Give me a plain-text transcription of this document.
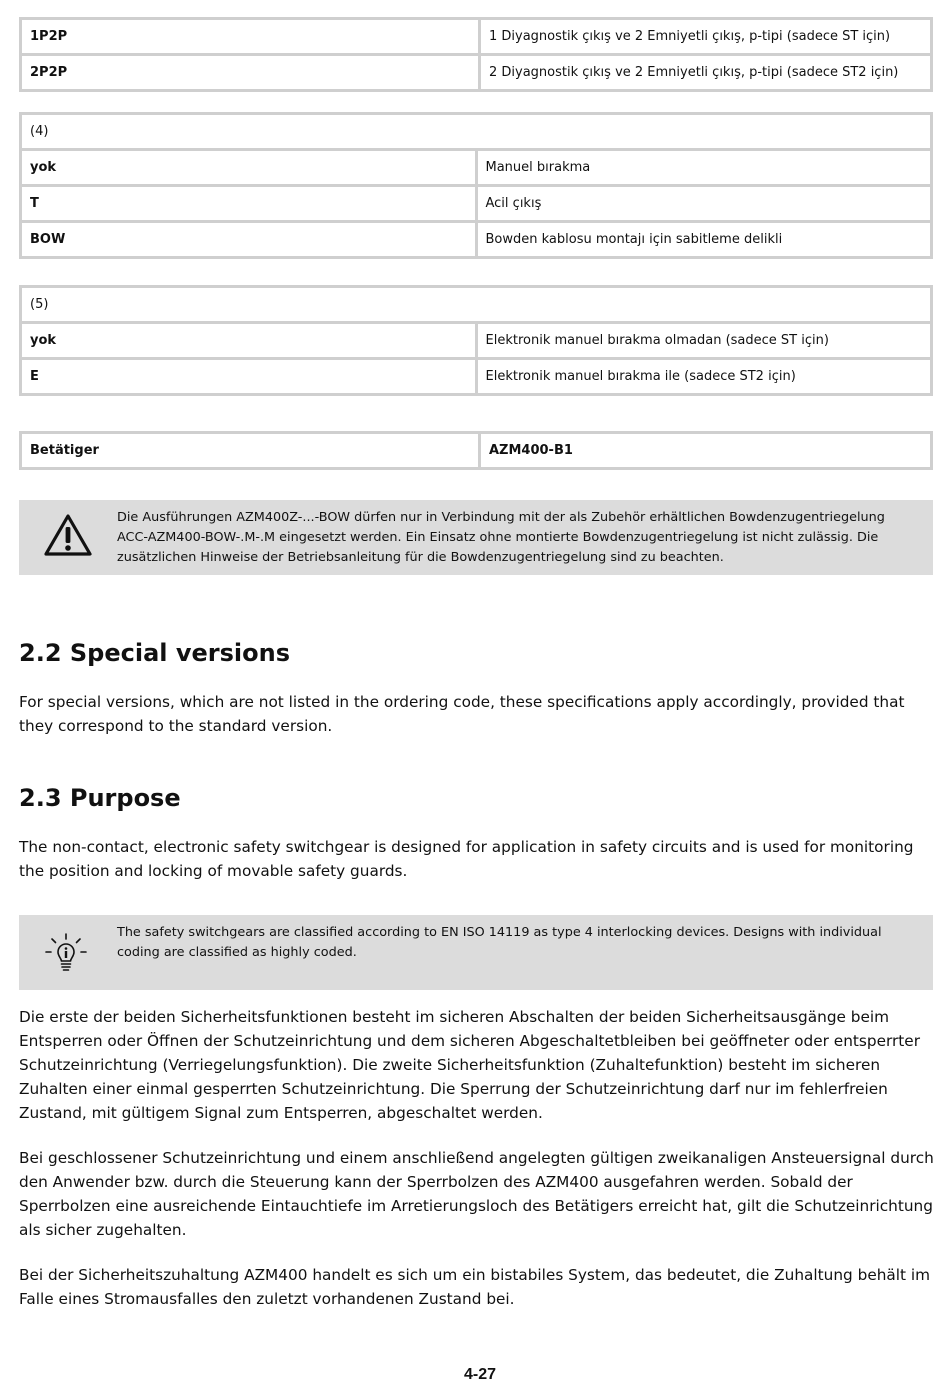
1P2P	1 Diyagnostik çıkış ve 2 Emniyetli çıkış, p-tipi (sadece ST için)
2P2P	2 Diyagnostik çıkış ve 2 Emniyetli çıkış, p-tipi (sadece ST2 için)
(4)	
yok	Manuel bırakma
T	Acil çıkış
BOW	Bowden kablosu montajı için sabitleme delikli
(5)	
yok	Elektronik manuel bırakma olmadan (sadece ST için)
E	Elektronik manuel bırakma ile (sadece ST2 için)
Betätiger	AZM400-B1
Die Ausführungen AZM400Z-...-BOW dürfen nur in Verbindung mit der als Zubehör erhältlichen Bowdenzugentriegelung ACC-AZM400-BOW-.M-.M eingesetzt werden. Ein Einsatz ohne montierte Bowdenzugentriegelung ist nicht zulässig. Die zusätzlichen Hinweise der Betriebsanleitung für die Bowdenzugentriegelung sind zu beachten.
2.2 Special versions

For special versions, which are not listed in the ordering code, these specifications apply accordingly, provided that they correspond to the standard version.

2.3 Purpose

The non-contact, electronic safety switchgear is designed for application in safety circuits and is used for monitoring the position and locking of movable safety guards.

The safety switchgears are classified according to EN ISO 14119 as type 4 interlocking devices. Designs with individual coding are classified as highly coded.

Die erste der beiden Sicherheitsfunktionen besteht im sicheren Abschalten der beiden Sicherheitsausgänge beim Entsperren oder Öffnen der Schutzeinrichtung und dem sicheren Abgeschaltetbleiben bei geöffneter oder entsperrter Schutzeinrichtung (Verriegelungsfunktion). Die zweite Sicherheitsfunktion (Zuhaltefunktion) besteht im sicheren Zuhalten einer einmal gesperrten Schutzeinrichtung. Die Sperrung der Schutzeinrichtung darf nur im fehlerfreien Zustand, mit gültigem Signal zum Entsperren, abgeschaltet werden.

Bei geschlossener Schutzeinrichtung und einem anschließend angelegten gültigen zweikanaligen Ansteuersignal durch den Anwender bzw. durch die Steuerung kann der Sperrbolzen des AZM400 ausgefahren werden. Sobald der Sperrbolzen eine ausreichende Eintauchtiefe im Arretierungsloch des Betätigers erreicht hat, gilt die Schutzeinrichtung als sicher zugehalten.

Bei der Sicherheitszuhaltung AZM400 handelt es sich um ein bistabiles System, das bedeutet, die Zuhaltung behält im Falle eines Stromausfalles den zuletzt vorhandenen Zustand bei.

4-27
